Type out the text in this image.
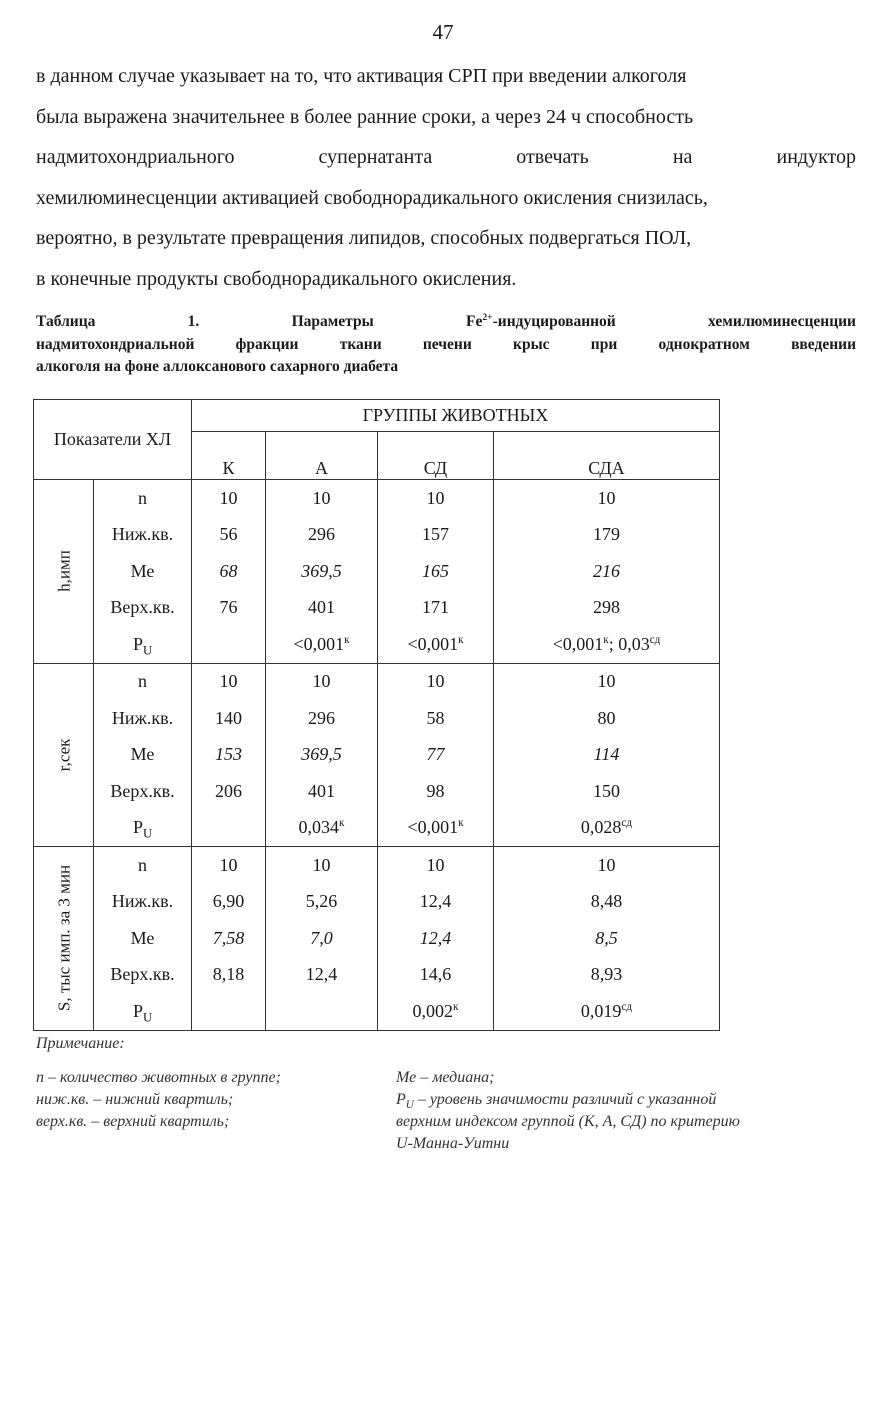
47
в данном случае указывает на то, что активация СРП при введении алкоголя
была выражена значительнее в более ранние сроки, а через 24 ч способность
надмитохондриального	супернатанта	отвечать	на	индуктор
хемилюминесценции активацией свободнорадикального окисления снизилась,
вероятно, в результате превращения липидов, способных подвергаться ПОЛ,
в конечные продукты свободнорадикального окисления.
Таблица	1.	Параметры	$Fe^{2+}$-индуцированной	хемилюминесценции
надмитохондриальной фракции ткани печени крыс при однократном введении
алкоголя на фоне аллоксанового сахарного диабета
Показатели ХЛ		ГРУППЫ ЖИВОТНЫХ			
		К	А	СД	СДА

h,имп	n	10	10	10	10
	Ниж.кв.	56	296	157	179
	Ме	68	369,5	165	216
	Верх.кв.	76	401	171	298
	$P_U$		$<0,001^к$	$<0,001^к$	$<0,001^к$; $0,03^{сд}$

r,сек	n	10	10	10	10
	Ниж.кв.	140	296	58	80
	Ме	153	369,5	77	114
	Верх.кв.	206	401	98	150
	$P_U$		$0,034^к$	$<0,001^к$	$0,028^{сд}$

S, тыс имп. за 3 мин	n	10	10	10	10
	Ниж.кв.	6,90	5,26	12,4	8,48
	Ме	7,58	7,0	12,4	8,5
	Верх.кв.	8,18	12,4	14,6	8,93
	$P_U$			$0,002^к$	$0,019^{сд}$
Примечание:
n – количество животных в группе;
ниж.кв. – нижний квартиль;
верх.кв. – верхний квартиль;
Ме – медиана;
$P_U$ – уровень значимости различий с указанной
верхним индексом группой (К, А, СД) по критерию
U-Манна-Уитни
